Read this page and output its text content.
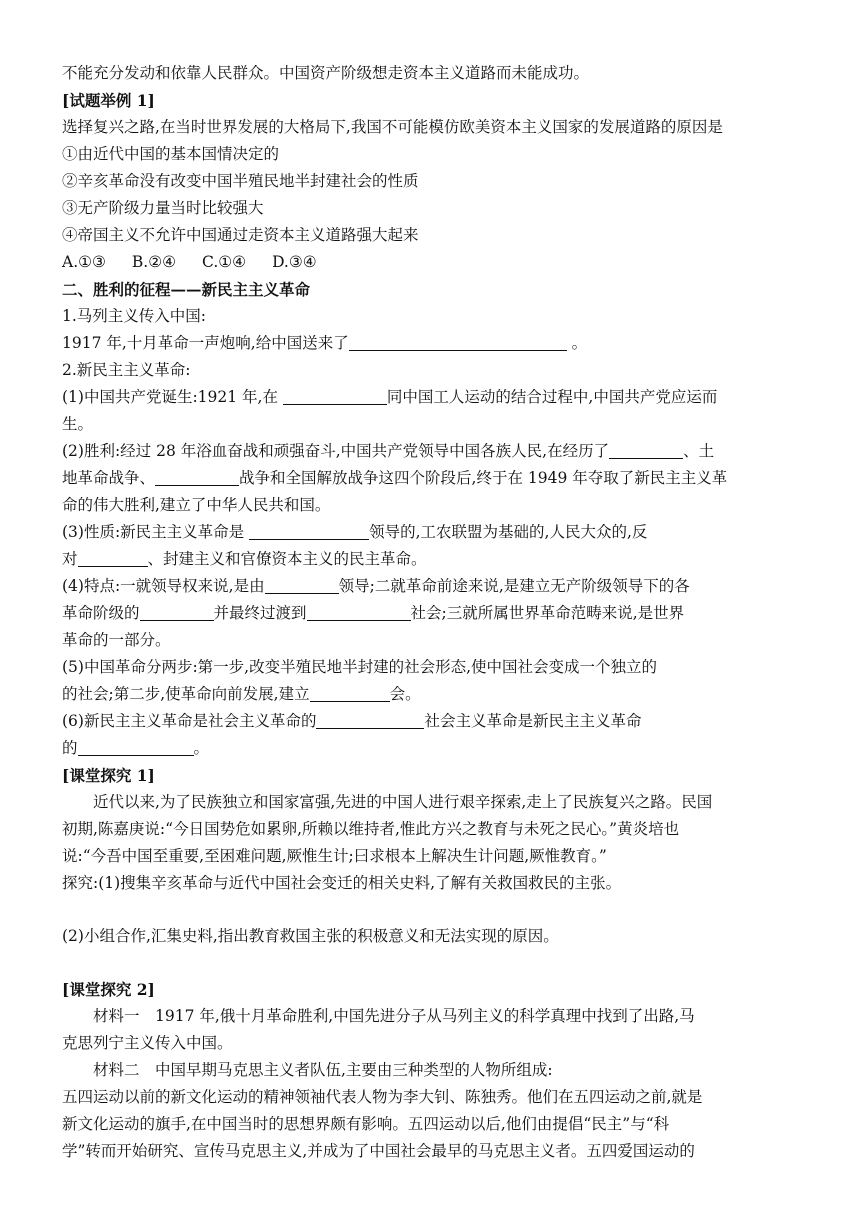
不能充分发动和依靠人民群众。中国资产阶级想走资本主义道路而未能成功。
[试题举例 1]
选择复兴之路,在当时世界发展的大格局下,我国不可能模仿欧美资本主义国家的发展道路的原因是
①由近代中国的基本国情决定的
②辛亥革命没有改变中国半殖民地半封建社会的性质
③无产阶级力量当时比较强大
④帝国主义不允许中国通过走资本主义道路强大起来
A.①③ B.②④ C.①④ D.③④
二、胜利的征程——新民主主义革命
1.马列主义传入中国:
1917 年,十月革命一声炮响,给中国送来了	。
2.新民主主义革命:
(1)中国共产党诞生:1921 年,在	同中国工人运动的结合过程中,中国共产党应运而
生。
(2)胜利:经过 28 年浴血奋战和顽强奋斗,中国共产党领导中国各族人民,在经历了	、土
地革命战争、	战争和全国解放战争这四个阶段后,终于在 1949 年夺取了新民主主义革
命的伟大胜利,建立了中华人民共和国。
(3)性质:新民主主义革命是	领导的,工农联盟为基础的,人民大众的,反
对	、封建主义和官僚资本主义的民主革命。
(4)特点:一就领导权来说,是由	领导;二就革命前途来说,是建立无产阶级领导下的各
革命阶级的	并最终过渡到	社会;三就所属世界革命范畴来说,是世界
革命的一部分。
(5)中国革命分两步:第一步,改变半殖民地半封建的社会形态,使中国社会变成一个独立的
的社会;第二步,使革命向前发展,建立	会。
(6)新民主主义革命是社会主义革命的	社会主义革命是新民主主义革命
的	。
[课堂探究 1]
近代以来,为了民族独立和国家富强,先进的中国人进行艰辛探索,走上了民族复兴之路。民国
初期,陈嘉庚说:“今日国势危如累卵,所赖以维持者,惟此方兴之教育与未死之民心。”黄炎培也
说:“今吾中国至重要,至困难问题,厥惟生计;曰求根本上解决生计问题,厥惟教育。”
探究:(1)搜集辛亥革命与近代中国社会变迁的相关史料,了解有关救国救民的主张。
(2)小组合作,汇集史料,指出教育救国主张的积极意义和无法实现的原因。
[课堂探究 2]
材料一　1917 年,俄十月革命胜利,中国先进分子从马列主义的科学真理中找到了出路,马
克思列宁主义传入中国。
材料二　中国早期马克思主义者队伍,主要由三种类型的人物所组成:
五四运动以前的新文化运动的精神领袖代表人物为李大钊、陈独秀。他们在五四运动之前,就是
新文化运动的旗手,在中国当时的思想界颇有影响。五四运动以后,他们由提倡“民主”与“科
学”转而开始研究、宣传马克思主义,并成为了中国社会最早的马克思主义者。五四爱国运动的
